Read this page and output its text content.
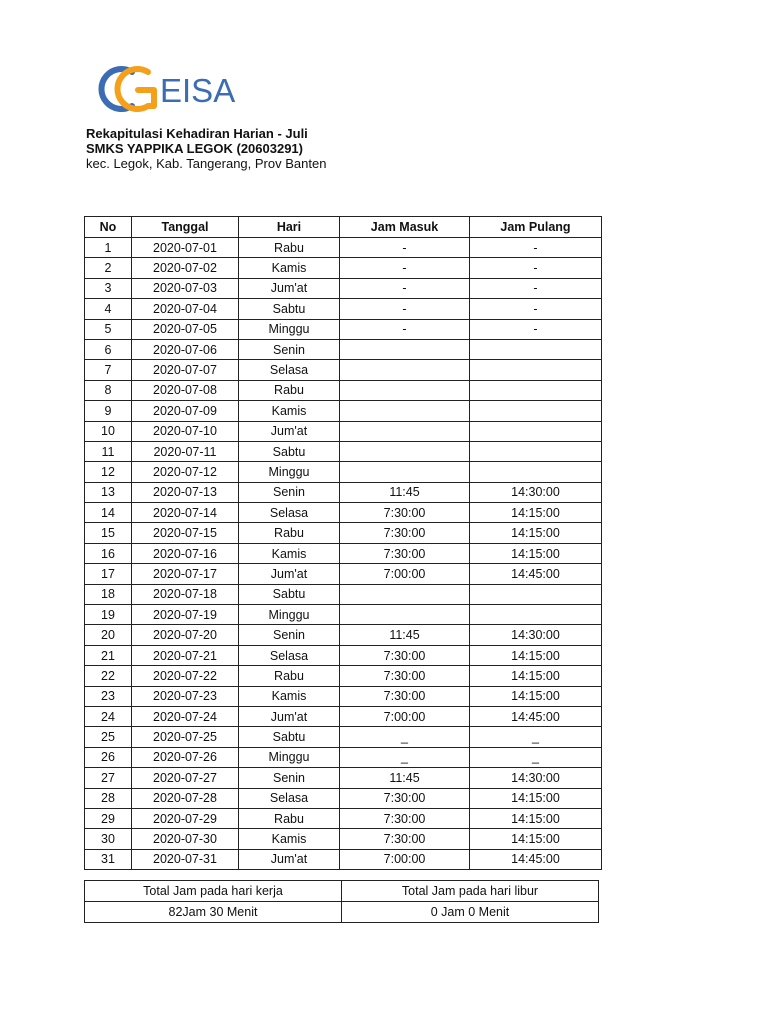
EISA
Rekapitulasi Kehadiran Harian - Juli
SMKS YAPPIKA LEGOK (20603291)
kec. Legok, Kab. Tangerang, Prov Banten
No	Tanggal	Hari	Jam Masuk	Jam Pulang
1	2020-07-01	Rabu	-	-
2	2020-07-02	Kamis	-	-
3	2020-07-03	Jum'at	-	-
4	2020-07-04	Sabtu	-	-
5	2020-07-05	Minggu	-	-
6	2020-07-06	Senin		
7	2020-07-07	Selasa		
8	2020-07-08	Rabu		
9	2020-07-09	Kamis		
10	2020-07-10	Jum'at		
11	2020-07-11	Sabtu		
12	2020-07-12	Minggu		
13	2020-07-13	Senin	11:45	14:30:00
14	2020-07-14	Selasa	7:30:00	14:15:00
15	2020-07-15	Rabu	7:30:00	14:15:00
16	2020-07-16	Kamis	7:30:00	14:15:00
17	2020-07-17	Jum'at	7:00:00	14:45:00
18	2020-07-18	Sabtu		
19	2020-07-19	Minggu		
20	2020-07-20	Senin	11:45	14:30:00
21	2020-07-21	Selasa	7:30:00	14:15:00
22	2020-07-22	Rabu	7:30:00	14:15:00
23	2020-07-23	Kamis	7:30:00	14:15:00
24	2020-07-24	Jum'at	7:00:00	14:45:00
25	2020-07-25	Sabtu	_	_
26	2020-07-26	Minggu	_	_
27	2020-07-27	Senin	11:45	14:30:00
28	2020-07-28	Selasa	7:30:00	14:15:00
29	2020-07-29	Rabu	7:30:00	14:15:00
30	2020-07-30	Kamis	7:30:00	14:15:00
31	2020-07-31	Jum'at	7:00:00	14:45:00
Total Jam pada hari kerja	Total Jam pada hari libur
82Jam 30 Menit	0 Jam 0 Menit
